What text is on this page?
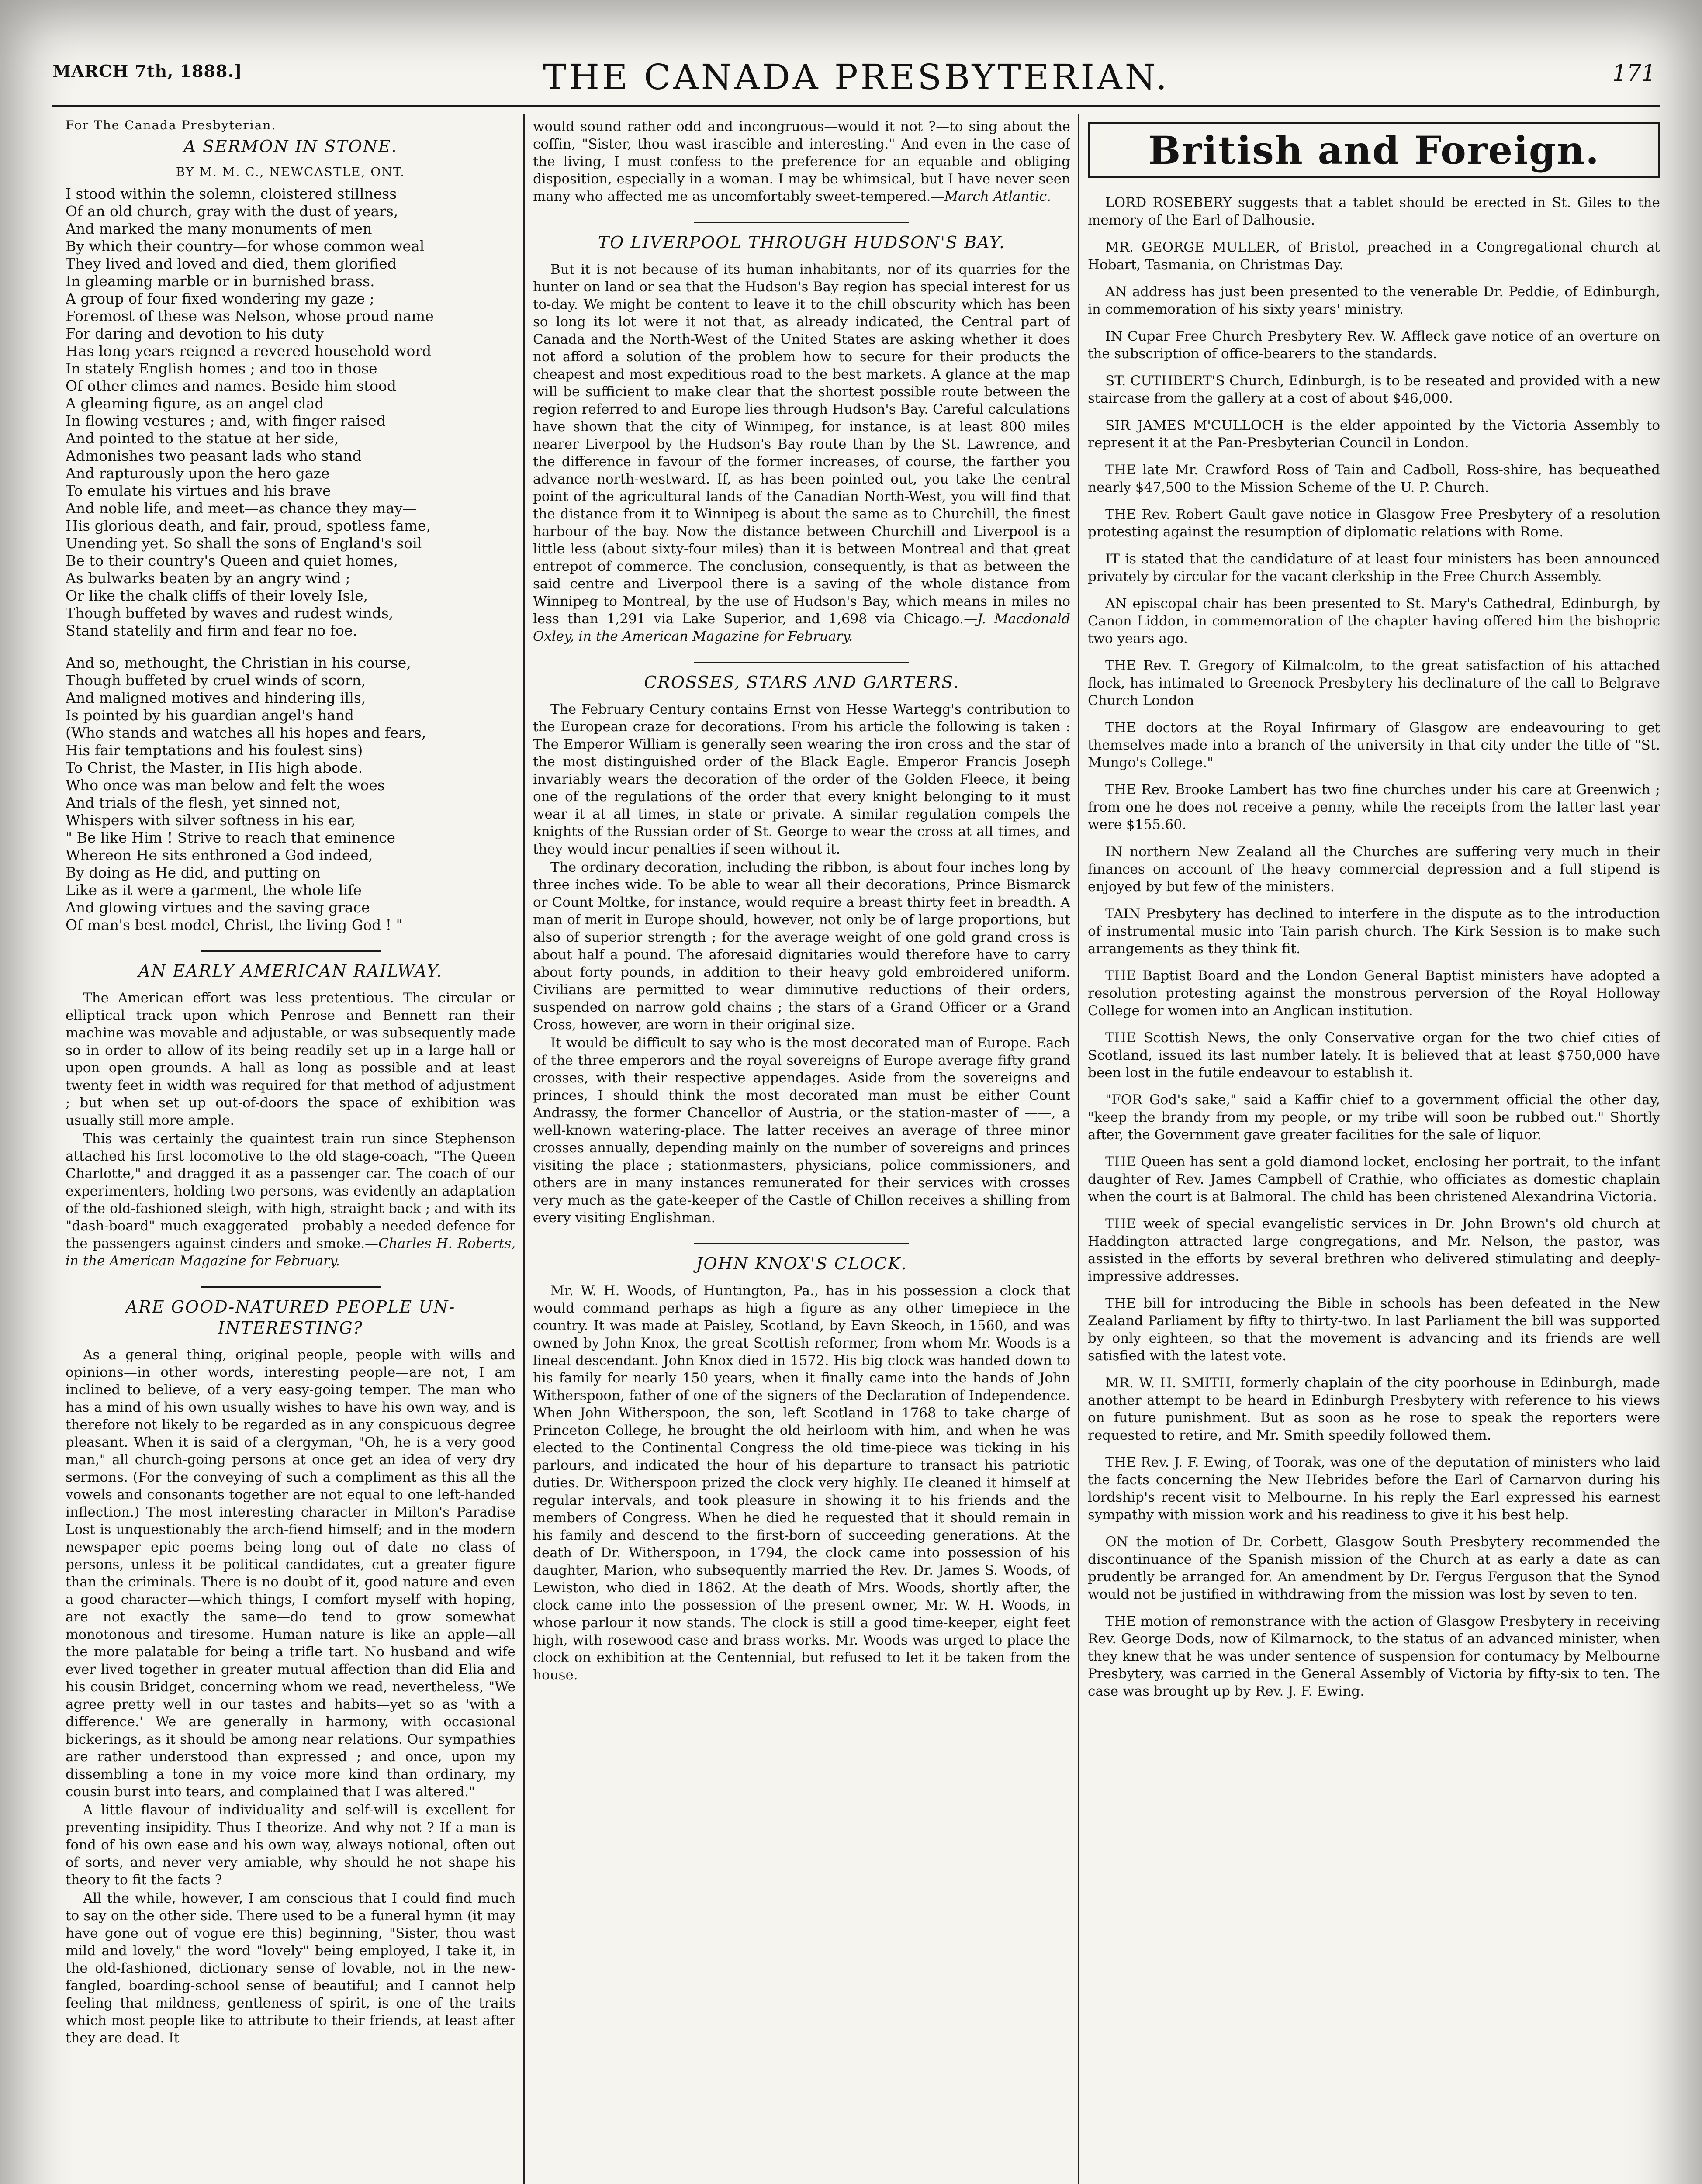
MARCH 7th, 1888.]	THE CANADA PRESBYTERIAN.	171
For The Canada Presbyterian.
A SERMON IN STONE.
BY M. M. C., NEWCASTLE, ONT.
I stood within the solemn, cloistered stillness
Of an old church, gray with the dust of years,
And marked the many monuments of men
By which their country—for whose common weal
They lived and loved and died, them glorified
In gleaming marble or in burnished brass.
A group of four fixed wondering my gaze ;
Foremost of these was Nelson, whose proud name
For daring and devotion to his duty
Has long years reigned a revered household word
In stately English homes ; and too in those
Of other climes and names. Beside him stood
A gleaming figure, as an angel clad
In flowing vestures ; and, with finger raised
And pointed to the statue at her side,
Admonishes two peasant lads who stand
And rapturously upon the hero gaze
To emulate his virtues and his brave
And noble life, and meet—as chance they may—
His glorious death, and fair, proud, spotless fame,
Unending yet. So shall the sons of England's soil
Be to their country's Queen and quiet homes,
As bulwarks beaten by an angry wind ;
Or like the chalk cliffs of their lovely Isle,
Though buffeted by waves and rudest winds,
Stand statelily and firm and fear no foe.
And so, methought, the Christian in his course,
Though buffeted by cruel winds of scorn,
And maligned motives and hindering ills,
Is pointed by his guardian angel's hand
(Who stands and watches all his hopes and fears,
His fair temptations and his foulest sins)
To Christ, the Master, in His high abode.
Who once was man below and felt the woes
And trials of the flesh, yet sinned not,
Whispers with silver softness in his ear,
" Be like Him ! Strive to reach that eminence
Whereon He sits enthroned a God indeed,
By doing as He did, and putting on
Like as it were a garment, the whole life
And glowing virtues and the saving grace
Of man's best model, Christ, the living God ! "
AN EARLY AMERICAN RAILWAY.

The American effort was less pretentious. The circular or elliptical track upon which Penrose and Bennett ran their machine was movable and adjustable, or was subsequently made so in order to allow of its being readily set up in a large hall or upon open grounds. A hall as long as possible and at least twenty feet in width was required for that method of adjustment ; but when set up out-of-doors the space of exhibition was usually still more ample.

This was certainly the quaintest train run since Stephenson attached his first locomotive to the old stage-coach, "The Queen Charlotte," and dragged it as a passenger car. The coach of our experimenters, holding two persons, was evidently an adaptation of the old-fashioned sleigh, with high, straight back ; and with its "dash-board" much exaggerated—probably a needed defence for the passengers against cinders and smoke.—Charles H. Roberts, in the American Magazine for February.

ARE GOOD-NATURED PEOPLE UN-INTERESTING?

As a general thing, original people, people with wills and opinions—in other words, interesting people—are not, I am inclined to believe, of a very easy-going temper. The man who has a mind of his own usually wishes to have his own way, and is therefore not likely to be regarded as in any conspicuous degree pleasant. When it is said of a clergyman, "Oh, he is a very good man," all church-going persons at once get an idea of very dry sermons. (For the conveying of such a compliment as this all the vowels and consonants together are not equal to one left-handed inflection.) The most interesting character in Milton's Paradise Lost is unquestionably the arch-fiend himself; and in the modern newspaper epic poems being long out of date—no class of persons, unless it be political candidates, cut a greater figure than the criminals. There is no doubt of it, good nature and even a good character—which things, I comfort myself with hoping, are not exactly the same—do tend to grow somewhat monotonous and tiresome. Human nature is like an apple—all the more palatable for being a trifle tart. No husband and wife ever lived together in greater mutual affection than did Elia and his cousin Bridget, concerning whom we read, nevertheless, "We agree pretty well in our tastes and habits—yet so as 'with a difference.' We are generally in harmony, with occasional bickerings, as it should be among near relations. Our sympathies are rather understood than expressed ; and once, upon my dissembling a tone in my voice more kind than ordinary, my cousin burst into tears, and complained that I was altered."

A little flavour of individuality and self-will is excellent for preventing insipidity. Thus I theorize. And why not ? If a man is fond of his own ease and his own way, always notional, often out of sorts, and never very amiable, why should he not shape his theory to fit the facts ?

All the while, however, I am conscious that I could find much to say on the other side. There used to be a funeral hymn (it may have gone out of vogue ere this) beginning, "Sister, thou wast mild and lovely," the word "lovely" being employed, I take it, in the old-fashioned, dictionary sense of lovable, not in the new-fangled, boarding-school sense of beautiful; and I cannot help feeling that mildness, gentleness of spirit, is one of the traits which most people like to attribute to their friends, at least after they are dead. It

would sound rather odd and incongruous—would it not ?—to sing about the coffin, "Sister, thou wast irascible and interesting." And even in the case of the living, I must confess to the preference for an equable and obliging disposition, especially in a woman. I may be whimsical, but I have never seen many who affected me as uncomfortably sweet-tempered.—March Atlantic.

TO LIVERPOOL THROUGH HUDSON'S BAY.

But it is not because of its human inhabitants, nor of its quarries for the hunter on land or sea that the Hudson's Bay region has special interest for us to-day. We might be content to leave it to the chill obscurity which has been so long its lot were it not that, as already indicated, the Central part of Canada and the North-West of the United States are asking whether it does not afford a solution of the problem how to secure for their products the cheapest and most expeditious road to the best markets. A glance at the map will be sufficient to make clear that the shortest possible route between the region referred to and Europe lies through Hudson's Bay. Careful calculations have shown that the city of Winnipeg, for instance, is at least 800 miles nearer Liverpool by the Hudson's Bay route than by the St. Lawrence, and the difference in favour of the former increases, of course, the farther you advance north-westward. If, as has been pointed out, you take the central point of the agricultural lands of the Canadian North-West, you will find that the distance from it to Winnipeg is about the same as to Churchill, the finest harbour of the bay. Now the distance between Churchill and Liverpool is a little less (about sixty-four miles) than it is between Montreal and that great entrepot of commerce. The conclusion, consequently, is that as between the said centre and Liverpool there is a saving of the whole distance from Winnipeg to Montreal, by the use of Hudson's Bay, which means in miles no less than 1,291 via Lake Superior, and 1,698 via Chicago.—J. Macdonald Oxley, in the American Magazine for February.

CROSSES, STARS AND GARTERS.

The February Century contains Ernst von Hesse Wartegg's contribution to the European craze for decorations. From his article the following is taken : The Emperor William is generally seen wearing the iron cross and the star of the most distinguished order of the Black Eagle. Emperor Francis Joseph invariably wears the decoration of the order of the Golden Fleece, it being one of the regulations of the order that every knight belonging to it must wear it at all times, in state or private. A similar regulation compels the knights of the Russian order of St. George to wear the cross at all times, and they would incur penalties if seen without it.

The ordinary decoration, including the ribbon, is about four inches long by three inches wide. To be able to wear all their decorations, Prince Bismarck or Count Moltke, for instance, would require a breast thirty feet in breadth. A man of merit in Europe should, however, not only be of large proportions, but also of superior strength ; for the average weight of one gold grand cross is about half a pound. The aforesaid dignitaries would therefore have to carry about forty pounds, in addition to their heavy gold embroidered uniform. Civilians are permitted to wear diminutive reductions of their orders, suspended on narrow gold chains ; the stars of a Grand Officer or a Grand Cross, however, are worn in their original size.

It would be difficult to say who is the most decorated man of Europe. Each of the three emperors and the royal sovereigns of Europe average fifty grand crosses, with their respective appendages. Aside from the sovereigns and princes, I should think the most decorated man must be either Count Andrassy, the former Chancellor of Austria, or the station-master of ——, a well-known watering-place. The latter receives an average of three minor crosses annually, depending mainly on the number of sovereigns and princes visiting the place ; stationmasters, physicians, police commissioners, and others are in many instances remunerated for their services with crosses very much as the gate-keeper of the Castle of Chillon receives a shilling from every visiting Englishman.

JOHN KNOX'S CLOCK.

Mr. W. H. Woods, of Huntington, Pa., has in his possession a clock that would command perhaps as high a figure as any other timepiece in the country. It was made at Paisley, Scotland, by Eavn Skeoch, in 1560, and was owned by John Knox, the great Scottish reformer, from whom Mr. Woods is a lineal descendant. John Knox died in 1572. His big clock was handed down to his family for nearly 150 years, when it finally came into the hands of John Witherspoon, father of one of the signers of the Declaration of Independence. When John Witherspoon, the son, left Scotland in 1768 to take charge of Princeton College, he brought the old heirloom with him, and when he was elected to the Continental Congress the old time-piece was ticking in his parlours, and indicated the hour of his departure to transact his patriotic duties. Dr. Witherspoon prized the clock very highly. He cleaned it himself at regular intervals, and took pleasure in showing it to his friends and the members of Congress. When he died he requested that it should remain in his family and descend to the first-born of succeeding generations. At the death of Dr. Witherspoon, in 1794, the clock came into possession of his daughter, Marion, who subsequently married the Rev. Dr. James S. Woods, of Lewiston, who died in 1862. At the death of Mrs. Woods, shortly after, the clock came into the possession of the present owner, Mr. W. H. Woods, in whose parlour it now stands. The clock is still a good time-keeper, eight feet high, with rosewood case and brass works. Mr. Woods was urged to place the clock on exhibition at the Centennial, but refused to let it be taken from the house.

British and Foreign.

LORD ROSEBERY suggests that a tablet should be erected in St. Giles to the memory of the Earl of Dalhousie.

MR. GEORGE MULLER, of Bristol, preached in a Congregational church at Hobart, Tasmania, on Christmas Day.

AN address has just been presented to the venerable Dr. Peddie, of Edinburgh, in commemoration of his sixty years' ministry.

IN Cupar Free Church Presbytery Rev. W. Affleck gave notice of an overture on the subscription of office-bearers to the standards.

ST. CUTHBERT'S Church, Edinburgh, is to be reseated and provided with a new staircase from the gallery at a cost of about $46,000.

SIR JAMES M'CULLOCH is the elder appointed by the Victoria Assembly to represent it at the Pan-Presbyterian Council in London.

THE late Mr. Crawford Ross of Tain and Cadboll, Ross-shire, has bequeathed nearly $47,500 to the Mission Scheme of the U. P. Church.

THE Rev. Robert Gault gave notice in Glasgow Free Presbytery of a resolution protesting against the resumption of diplomatic relations with Rome.

IT is stated that the candidature of at least four ministers has been announced privately by circular for the vacant clerkship in the Free Church Assembly.

AN episcopal chair has been presented to St. Mary's Cathedral, Edinburgh, by Canon Liddon, in commemoration of the chapter having offered him the bishopric two years ago.

THE Rev. T. Gregory of Kilmalcolm, to the great satisfaction of his attached flock, has intimated to Greenock Presbytery his declinature of the call to Belgrave Church London

THE doctors at the Royal Infirmary of Glasgow are endeavouring to get themselves made into a branch of the university in that city under the title of "St. Mungo's College."

THE Rev. Brooke Lambert has two fine churches under his care at Greenwich ; from one he does not receive a penny, while the receipts from the latter last year were $155.60.

IN northern New Zealand all the Churches are suffering very much in their finances on account of the heavy commercial depression and a full stipend is enjoyed by but few of the ministers.

TAIN Presbytery has declined to interfere in the dispute as to the introduction of instrumental music into Tain parish church. The Kirk Session is to make such arrangements as they think fit.

THE Baptist Board and the London General Baptist ministers have adopted a resolution protesting against the monstrous perversion of the Royal Holloway College for women into an Anglican institution.

THE Scottish News, the only Conservative organ for the two chief cities of Scotland, issued its last number lately. It is believed that at least $750,000 have been lost in the futile endeavour to establish it.

"FOR God's sake," said a Kaffir chief to a government official the other day, "keep the brandy from my people, or my tribe will soon be rubbed out." Shortly after, the Government gave greater facilities for the sale of liquor.

THE Queen has sent a gold diamond locket, enclosing her portrait, to the infant daughter of Rev. James Campbell of Crathie, who officiates as domestic chaplain when the court is at Balmoral. The child has been christened Alexandrina Victoria.

THE week of special evangelistic services in Dr. John Brown's old church at Haddington attracted large congregations, and Mr. Nelson, the pastor, was assisted in the efforts by several brethren who delivered stimulating and deeply-impressive addresses.

THE bill for introducing the Bible in schools has been defeated in the New Zealand Parliament by fifty to thirty-two. In last Parliament the bill was supported by only eighteen, so that the movement is advancing and its friends are well satisfied with the latest vote.

MR. W. H. SMITH, formerly chaplain of the city poorhouse in Edinburgh, made another attempt to be heard in Edinburgh Presbytery with reference to his views on future punishment. But as soon as he rose to speak the reporters were requested to retire, and Mr. Smith speedily followed them.

THE Rev. J. F. Ewing, of Toorak, was one of the deputation of ministers who laid the facts concerning the New Hebrides before the Earl of Carnarvon during his lordship's recent visit to Melbourne. In his reply the Earl expressed his earnest sympathy with mission work and his readiness to give it his best help.

ON the motion of Dr. Corbett, Glasgow South Presbytery recommended the discontinuance of the Spanish mission of the Church at as early a date as can prudently be arranged for. An amendment by Dr. Fergus Ferguson that the Synod would not be justified in withdrawing from the mission was lost by seven to ten.

THE motion of remonstrance with the action of Glasgow Presbytery in receiving Rev. George Dods, now of Kilmarnock, to the status of an advanced minister, when they knew that he was under sentence of suspension for contumacy by Melbourne Presbytery, was carried in the General Assembly of Victoria by fifty-six to ten. The case was brought up by Rev. J. F. Ewing.
